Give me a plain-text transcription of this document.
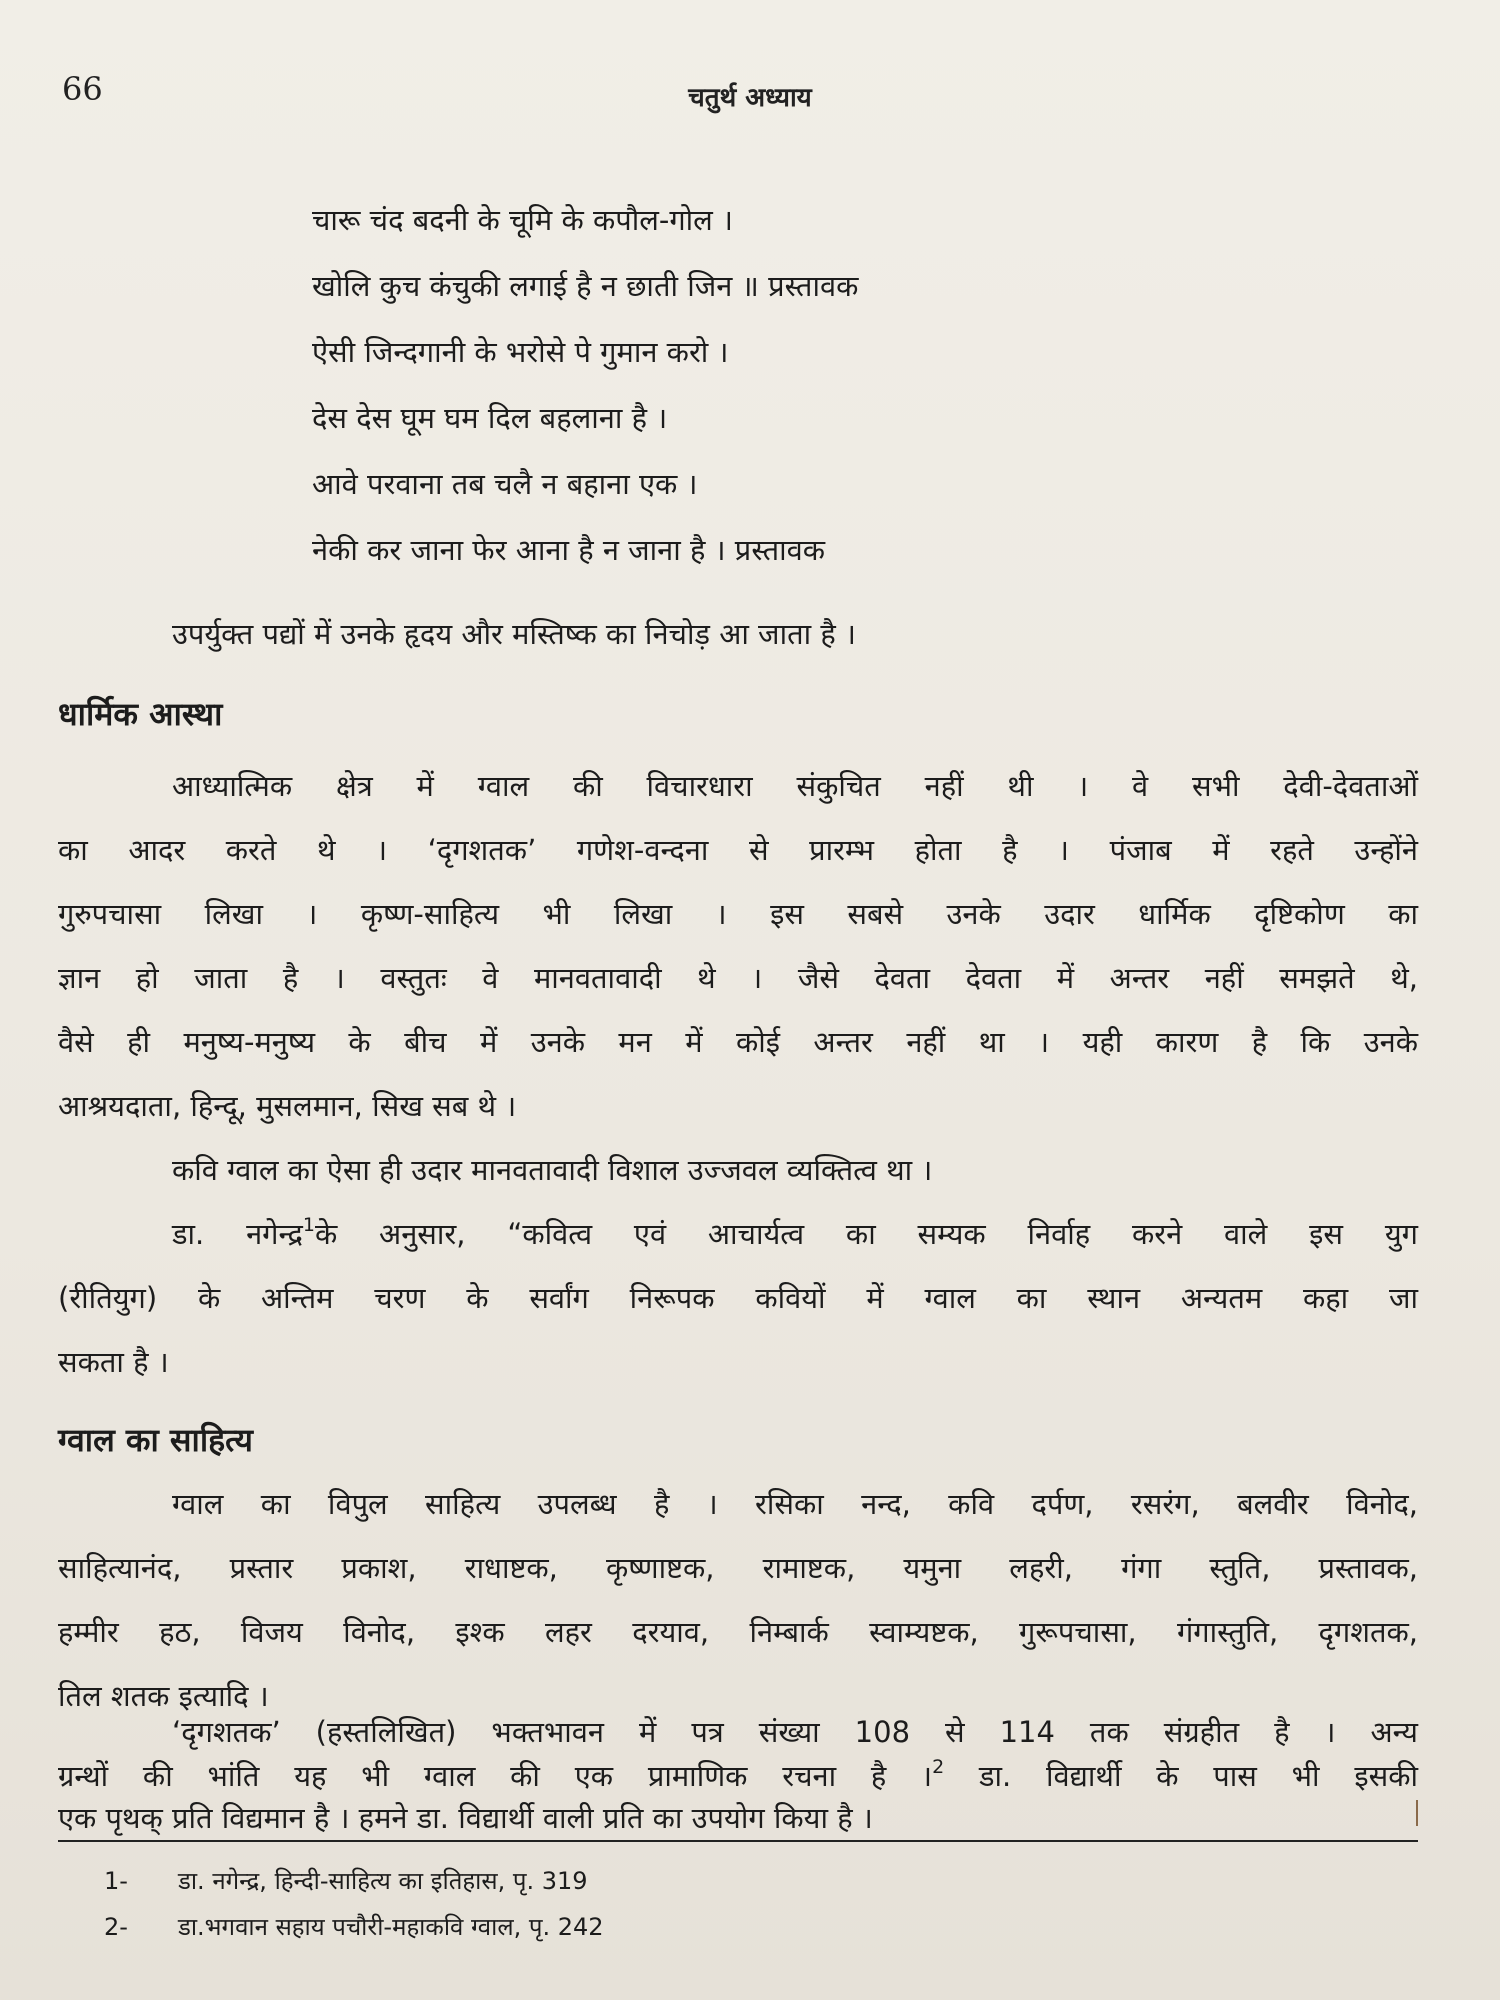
66	चतुर्थ अध्याय
चारू चंद बदनी के चूमि के कपौल-गोल ।
खोलि कुच कंचुकी लगाई है न छाती जिन ॥ प्रस्तावक
ऐसी जिन्दगानी के भरोसे पे गुमान करो ।
देस देस घूम घम दिल बहलाना है ।
आवे परवाना तब चलै न बहाना एक ।
नेकी कर जाना फेर आना है न जाना है । प्रस्तावक
उपर्युक्त पद्यों में उनके हृदय और मस्तिष्क का निचोड़ आ जाता है ।
धार्मिक आस्था
आध्यात्मिक क्षेत्र में ग्वाल की विचारधारा संकुचित नहीं थी । वे सभी देवी-देवताओं
का आदर करते थे । ‘दृगशतक’ गणेश-वन्दना से प्रारम्भ होता है । पंजाब में रहते उन्होंने
गुरुपचासा लिखा । कृष्ण-साहित्य भी लिखा । इस सबसे उनके उदार धार्मिक दृष्टिकोण का
ज्ञान हो जाता है । वस्तुतः वे मानवतावादी थे । जैसे देवता देवता में अन्तर नहीं समझते थे,
वैसे ही मनुष्य-मनुष्य के बीच में उनके मन में कोई अन्तर नहीं था । यही कारण है कि उनके
आश्रयदाता, हिन्दू, मुसलमान, सिख सब थे ।
कवि ग्वाल का ऐसा ही उदार मानवतावादी विशाल उज्जवल व्यक्तित्व था ।
डा. नगेन्द्र$^1$के अनुसार, “कवित्व एवं आचार्यत्व का सम्यक निर्वाह करने वाले इस युग
(रीतियुग) के अन्तिम चरण के सर्वांग निरूपक कवियों में ग्वाल का स्थान अन्यतम कहा जा
सकता है ।
ग्वाल का साहित्य
ग्वाल का विपुल साहित्य उपलब्ध है । रसिका नन्द, कवि दर्पण, रसरंग, बलवीर विनोद,
साहित्यानंद, प्रस्तार प्रकाश, राधाष्टक, कृष्णाष्टक, रामाष्टक, यमुना लहरी, गंगा स्तुति, प्रस्तावक,
हम्मीर हठ, विजय विनोद, इश्क लहर दरयाव, निम्बार्क स्वाम्यष्टक, गुरूपचासा, गंगास्तुति, दृगशतक,
तिल शतक इत्यादि ।
‘दृगशतक’ (हस्तलिखित) भक्तभावन में पत्र संख्या 108 से 114 तक संग्रहीत है । अन्य
ग्रन्थों की भांति यह भी ग्वाल की एक प्रामाणिक रचना है ।$^2$ डा. विद्यार्थी के पास भी इसकी
एक पृथक् प्रति विद्यमान है । हमने डा. विद्यार्थी वाली प्रति का उपयोग किया है ।
1- डा. नगेन्द्र, हिन्दी-साहित्य का इतिहास, पृ. 319
2- डा.भगवान सहाय पचौरी-महाकवि ग्वाल, पृ. 242
